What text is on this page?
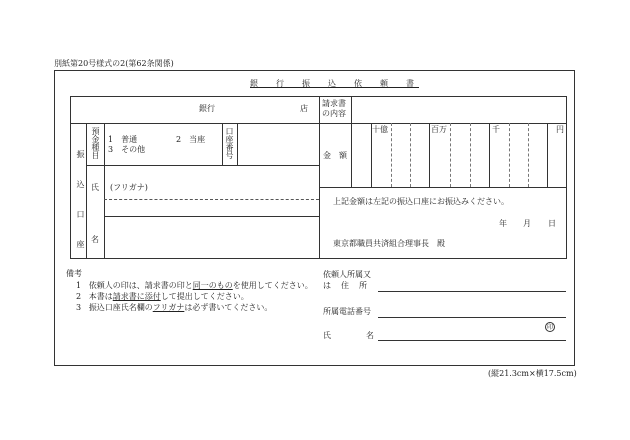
別紙第20号様式の2(第62条関係)
銀　行　振　込　依　頼　書
銀行	店
請求書
の内容
振込口座
預金種目 1　普通	2　当座
3　その他	口座番号
氏
名
(フリガナ)
金　額
十億	百万	千	円
上記金額は左記の振込口座にお振込みください。
年 月 日
東京都職員共済組合理事長　殿
備考
1 依頼人の印は、請求書の印と同一のものを使用してください。
2 本書は請求書に添付して提出してください。
3 振込口座氏名欄のフリガナは必ず書いてください。
依頼人所属又
は　住　所
所属電話番号
氏	名
印
(縦21.3cm×横17.5cm)
